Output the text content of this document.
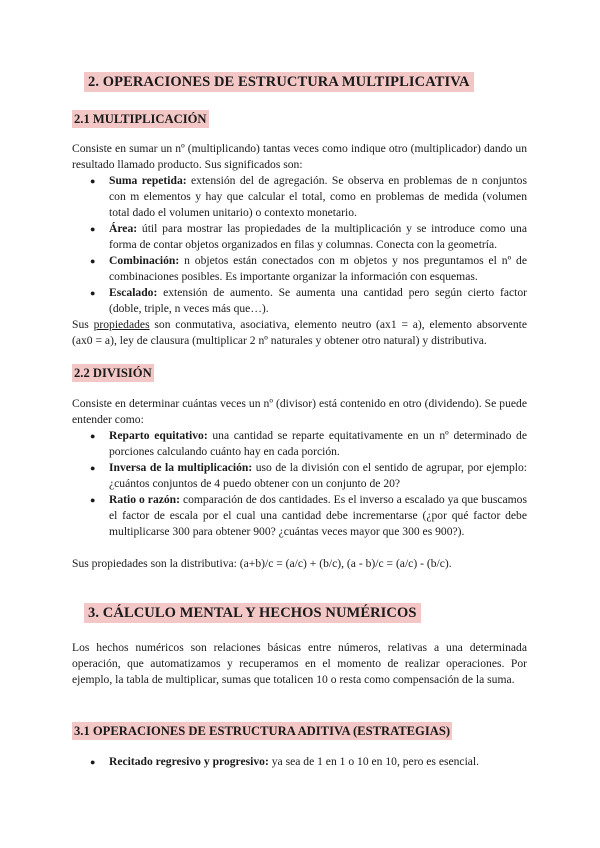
2. OPERACIONES DE ESTRUCTURA MULTIPLICATIVA
2.1 MULTIPLICACIÓN

Consiste en sumar un nº (multiplicando) tantas veces como indique otro (multiplicador) dando un resultado llamado producto. Sus significados son:

● Suma repetida: extensión del de agregación. Se observa en problemas de n conjuntos con m elementos y hay que calcular el total, como en problemas de medida (volumen total dado el volumen unitario) o contexto monetario.
● Área: útil para mostrar las propiedades de la multiplicación y se introduce como una forma de contar objetos organizados en filas y columnas. Conecta con la geometría.
● Combinación: n objetos están conectados con m objetos y nos preguntamos el nº de combinaciones posibles. Es importante organizar la información con esquemas.
● Escalado: extensión de aumento. Se aumenta una cantidad pero según cierto factor (doble, triple, n veces más que…).

Sus propiedades son conmutativa, asociativa, elemento neutro (ax1 = a), elemento absorvente (ax0 = a), ley de clausura (multiplicar 2 nº naturales y obtener otro natural) y distributiva.

2.2 DIVISIÓN

Consiste en determinar cuántas veces un nº (divisor) está contenido en otro (dividendo). Se puede entender como:

● Reparto equitativo: una cantidad se reparte equitativamente en un nº determinado de porciones calculando cuánto hay en cada porción.
● Inversa de la multiplicación: uso de la división con el sentido de agrupar, por ejemplo: ¿cuántos conjuntos de 4 puedo obtener con un conjunto de 20?
● Ratio o razón: comparación de dos cantidades. Es el inverso a escalado ya que buscamos el factor de escala por el cual una cantidad debe incrementarse (¿por qué factor debe multiplicarse 300 para obtener 900? ¿cuántas veces mayor que 300 es 900?).

Sus propiedades son la distributiva: (a+b)/c = (a/c) + (b/c), (a - b)/c = (a/c) - (b/c).

3. CÁLCULO MENTAL Y HECHOS NUMÉRICOS

Los hechos numéricos son relaciones básicas entre números, relativas a una determinada operación, que automatizamos y recuperamos en el momento de realizar operaciones. Por ejemplo, la tabla de multiplicar, sumas que totalicen 10 o resta como compensación de la suma.

3.1 OPERACIONES DE ESTRUCTURA ADITIVA (ESTRATEGIAS)
● Recitado regresivo y progresivo: ya sea de 1 en 1 o 10 en 10, pero es esencial.
